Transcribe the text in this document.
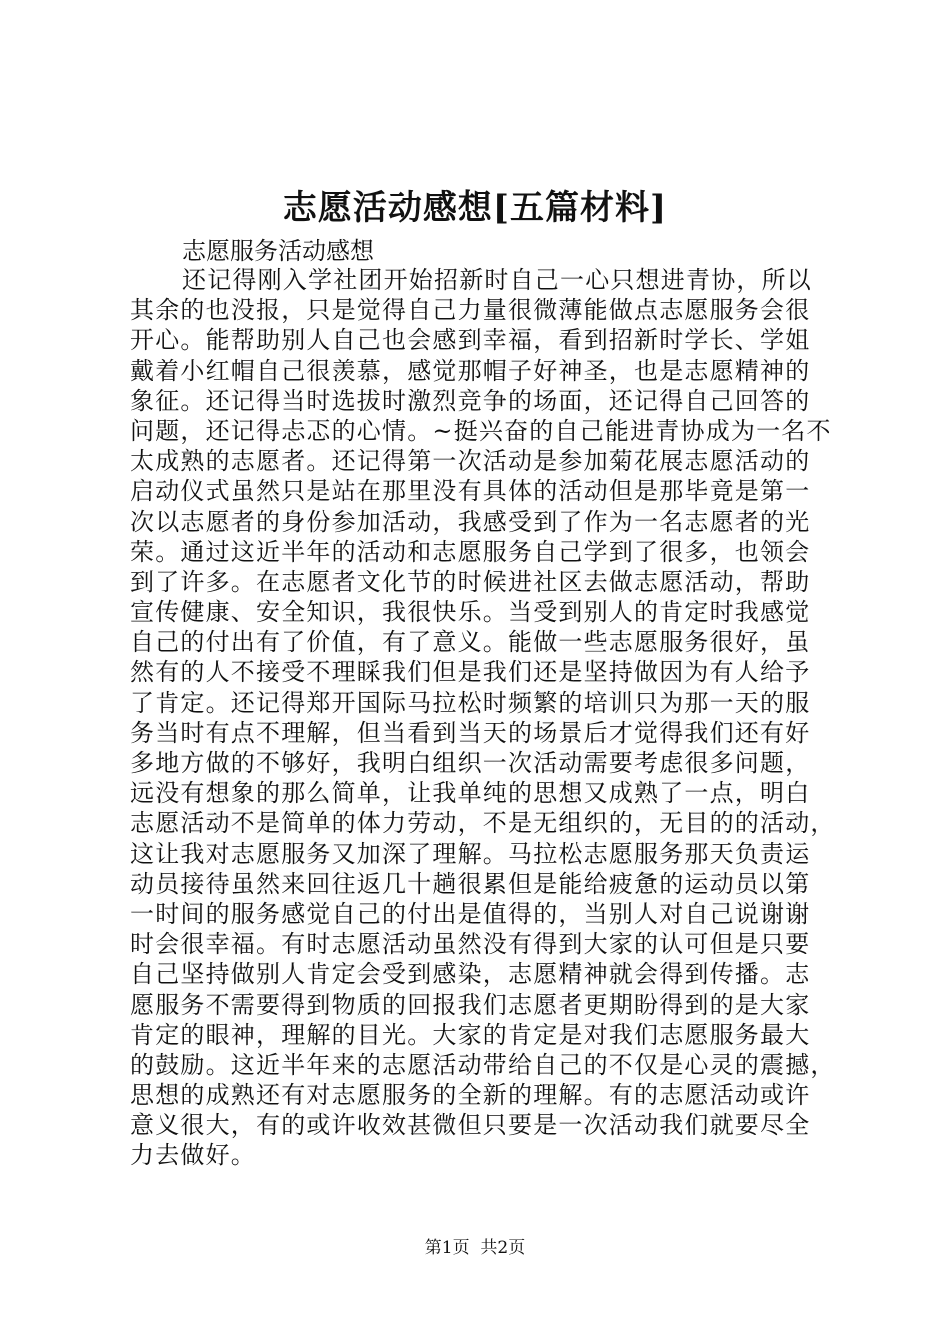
志愿活动感想[五篇材料]

志愿服务活动感想

还记得刚入学社团开始招新时自己一心只想进青协，所以
其余的也没报，只是觉得自己力量很微薄能做点志愿服务会很
开心。能帮助别人自己也会感到幸福，看到招新时学长、学姐
戴着小红帽自己很羡慕，感觉那帽子好神圣，也是志愿精神的
象征。还记得当时选拔时激烈竞争的场面，还记得自己回答的
问题，还记得忐忑的心情。~挺兴奋的自己能进青协成为一名不
太成熟的志愿者。还记得第一次活动是参加菊花展志愿活动的
启动仪式虽然只是站在那里没有具体的活动但是那毕竟是第一
次以志愿者的身份参加活动，我感受到了作为一名志愿者的光
荣。通过这近半年的活动和志愿服务自己学到了很多，也领会
到了许多。在志愿者文化节的时候进社区去做志愿活动，帮助
宣传健康、安全知识，我很快乐。当受到别人的肯定时我感觉
自己的付出有了价值，有了意义。能做一些志愿服务很好，虽
然有的人不接受不理睬我们但是我们还是坚持做因为有人给予
了肯定。还记得郑开国际马拉松时频繁的培训只为那一天的服
务当时有点不理解，但当看到当天的场景后才觉得我们还有好
多地方做的不够好，我明白组织一次活动需要考虑很多问题，
远没有想象的那么简单，让我单纯的思想又成熟了一点，明白
志愿活动不是简单的体力劳动，不是无组织的，无目的的活动，
这让我对志愿服务又加深了理解。马拉松志愿服务那天负责运
动员接待虽然来回往返几十趟很累但是能给疲惫的运动员以第
一时间的服务感觉自己的付出是值得的，当别人对自己说谢谢
时会很幸福。有时志愿活动虽然没有得到大家的认可但是只要
自己坚持做别人肯定会受到感染，志愿精神就会得到传播。志
愿服务不需要得到物质的回报我们志愿者更期盼得到的是大家
肯定的眼神，理解的目光。大家的肯定是对我们志愿服务最大
的鼓励。这近半年来的志愿活动带给自己的不仅是心灵的震撼，
思想的成熟还有对志愿服务的全新的理解。有的志愿活动或许
意义很大，有的或许收效甚微但只要是一次活动我们就要尽全
力去做好。
第1页  共2页
